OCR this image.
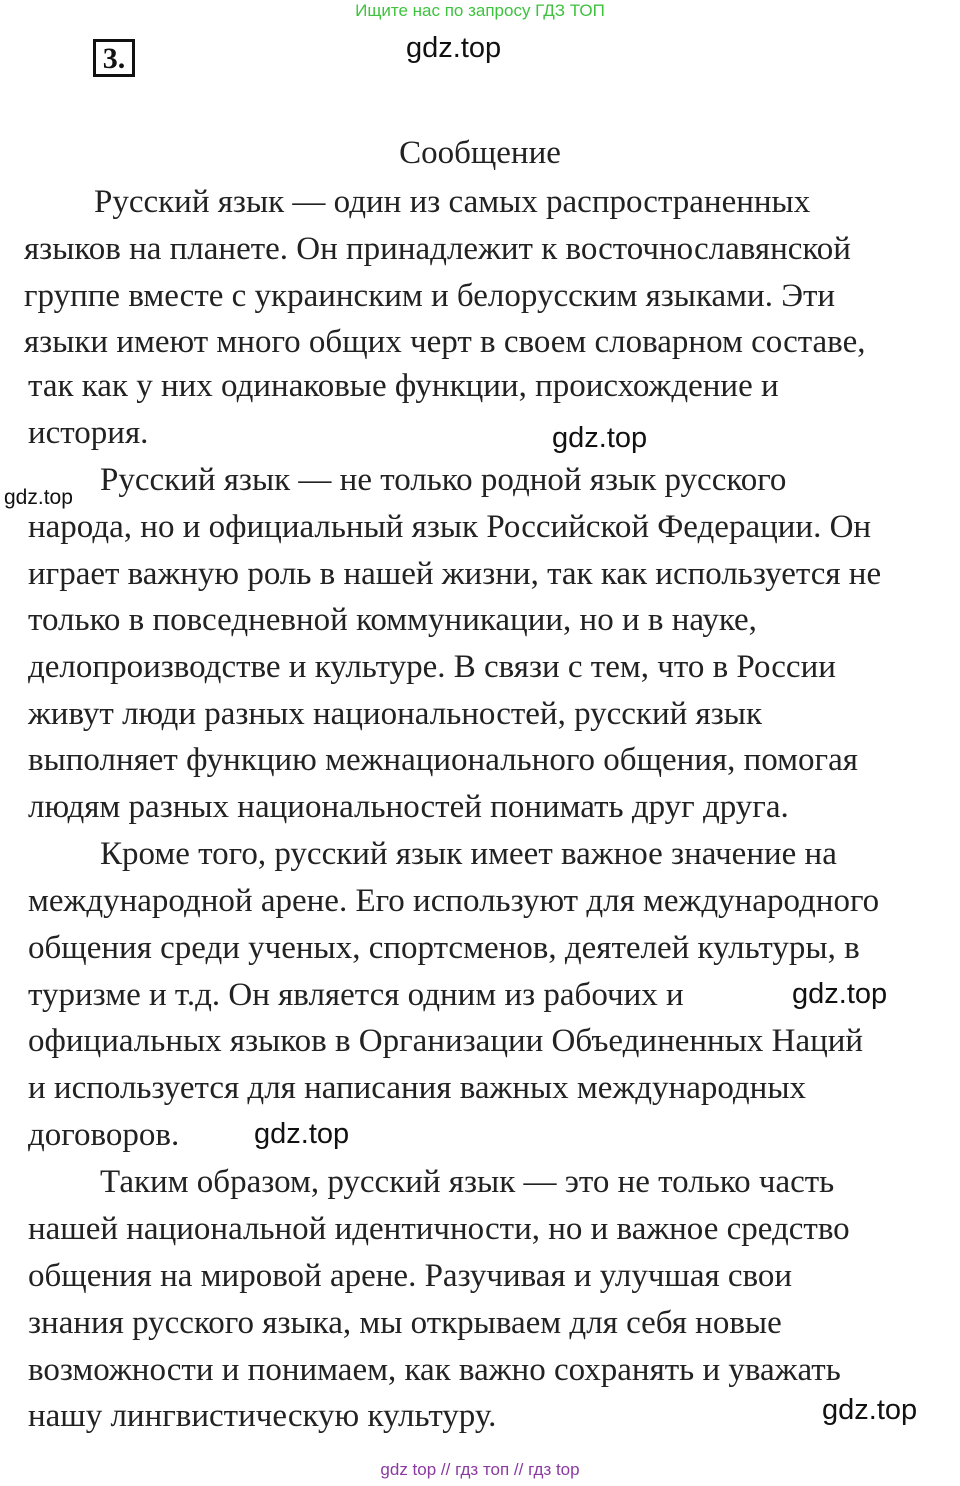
Ищите нас по запросу ГДЗ ТОП
3.	gdz.top
Сообщение
Русский язык — один из самых распространенных
языков на планете. Он принадлежит к восточнославянской
группе вместе с украинским и белорусским языками. Эти
языки имеют много общих черт в своем словарном составе,
так как у них одинаковые функции, происхождение и
история.	gdz.top
gdz.top Русский язык — не только родной язык русского
народа, но и официальный язык Российской Федерации. Он
играет важную роль в нашей жизни, так как используется не
только в повседневной коммуникации, но и в науке,
делопроизводстве и культуре. В связи с тем, что в России
живут люди разных национальностей, русский язык
выполняет функцию межнационального общения, помогая
людям разных национальностей понимать друг друга.
Кроме того, русский язык имеет важное значение на
международной арене. Его используют для международного
общения среди ученых, спортсменов, деятелей культуры, в
туризме и т.д. Он является одним из рабочих и	gdz.top
официальных языков в Организации Объединенных Наций
и используется для написания важных международных
договоров.	gdz.top
Таким образом, русский язык — это не только часть
нашей национальной идентичности, но и важное средство
общения на мировой арене. Разучивая и улучшая свои
знания русского языка, мы открываем для себя новые
возможности и понимаем, как важно сохранять и уважать
нашу лингвистическую культуру.	gdz.top
gdz top // гдз топ // гдз top
